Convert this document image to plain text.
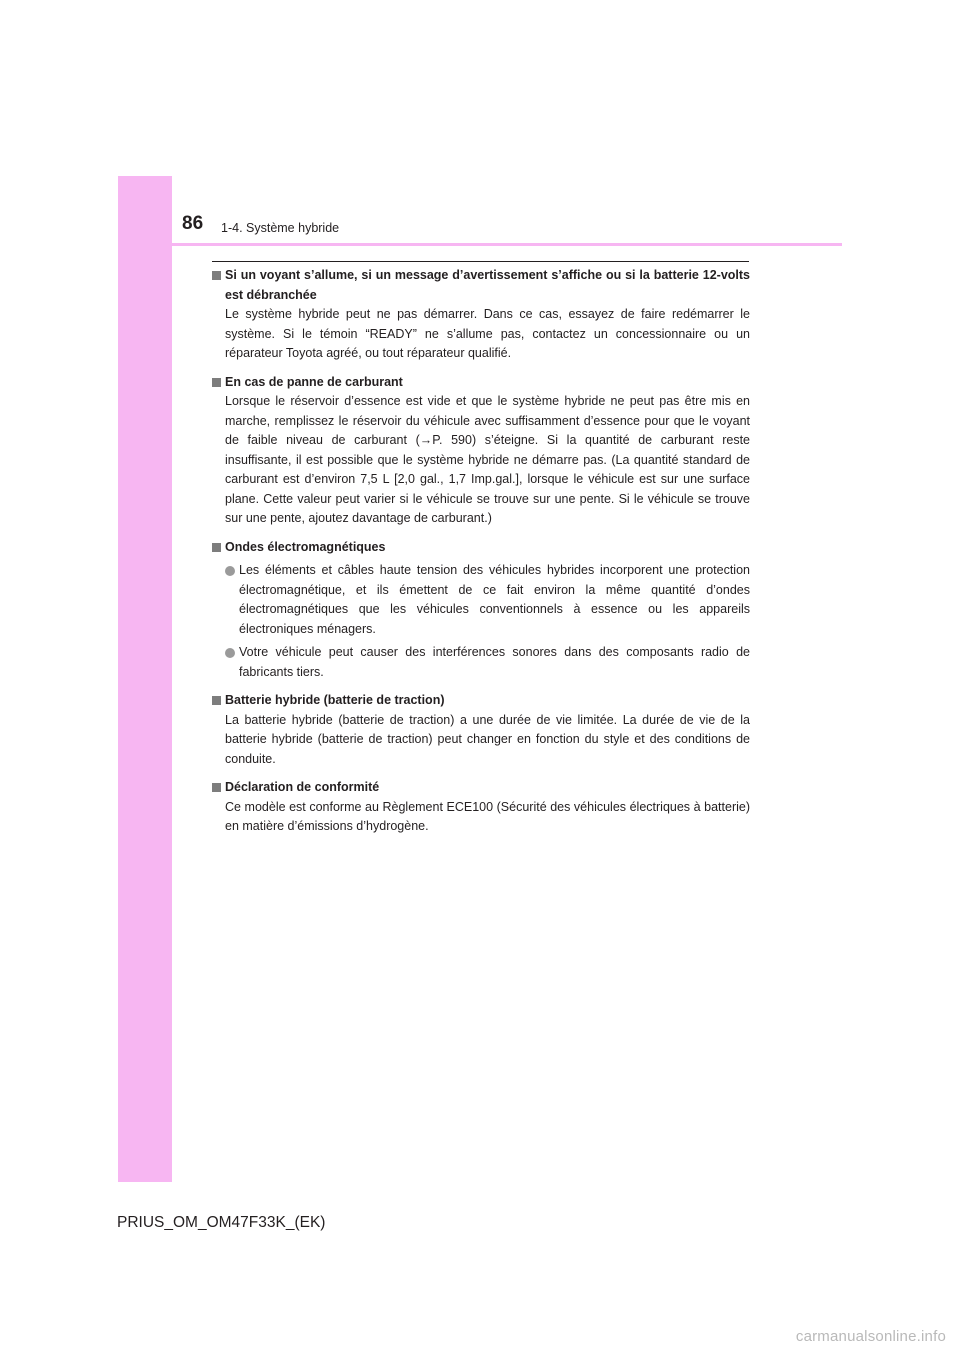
86 1-4. Système hybride
Si un voyant s’allume, si un message d’avertissement s’affiche ou si la batterie 12-volts est débranchée
Le système hybride peut ne pas démarrer. Dans ce cas, essayez de faire redémarrer le système. Si le témoin “READY” ne s’allume pas, contactez un concessionnaire ou un réparateur Toyota agréé, ou tout réparateur qualifié.
En cas de panne de carburant
Lorsque le réservoir d’essence est vide et que le système hybride ne peut pas être mis en marche, remplissez le réservoir du véhicule avec suffisamment d’essence pour que le voyant de faible niveau de carburant (→P. 590) s’éteigne. Si la quantité de carburant reste insuffisante, il est possible que le système hybride ne démarre pas. (La quantité standard de carburant est d’environ 7,5 L [2,0 gal., 1,7 Imp.gal.], lorsque le véhicule est sur une surface plane. Cette valeur peut varier si le véhicule se trouve sur une pente. Si le véhicule se trouve sur une pente, ajoutez davantage de carburant.)
Ondes électromagnétiques
Les éléments et câbles haute tension des véhicules hybrides incorporent une protection électromagnétique, et ils émettent de ce fait environ la même quantité d’ondes électromagnétiques que les véhicules conventionnels à essence ou les appareils électroniques ménagers.
Votre véhicule peut causer des interférences sonores dans des composants radio de fabricants tiers.
Batterie hybride (batterie de traction)
La batterie hybride (batterie de traction) a une durée de vie limitée. La durée de vie de la batterie hybride (batterie de traction) peut changer en fonction du style et des conditions de conduite.
Déclaration de conformité
Ce modèle est conforme au Règlement ECE100 (Sécurité des véhicules électriques à batterie) en matière d’émissions d’hydrogène.
PRIUS_OM_OM47F33K_(EK)
carmanualsonline.info
